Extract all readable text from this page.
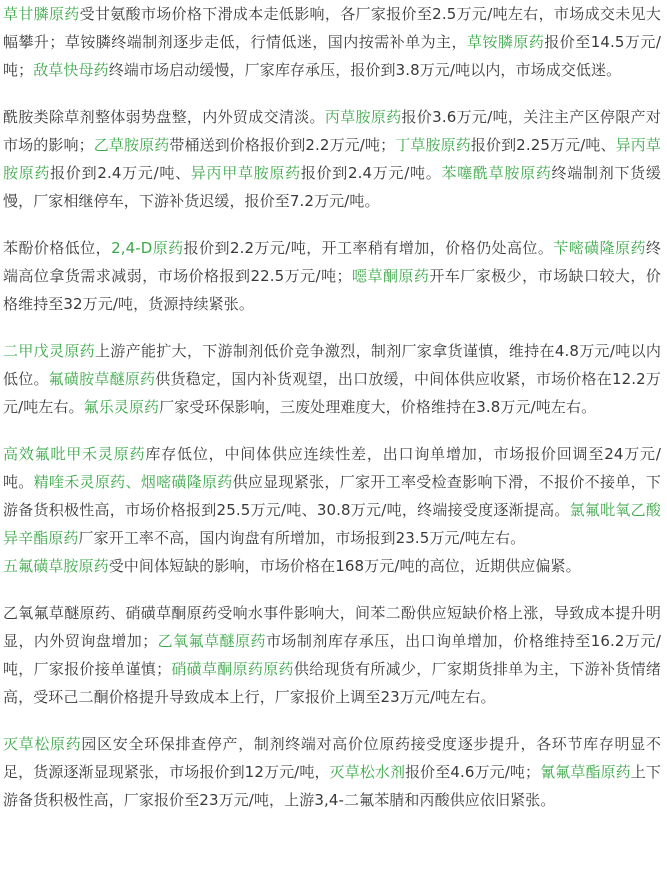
草甘膦原药受甘氨酸市场价格下滑成本走低影响，各厂家报价至2.5万元/吨左右，市场成交未见大幅攀升；草铵膦终端制剂逐步走低，行情低迷，国内按需补单为主，草铵膦原药报价至14.5万元/吨；敌草快母药终端市场启动缓慢，厂家库存承压，报价到3.8万元/吨以内，市场成交低迷。

酰胺类除草剂整体弱势盘整，内外贸成交清淡。丙草胺原药报价3.6万元/吨，关注主产区停限产对市场的影响；乙草胺原药带桶送到价格报价到2.2万元/吨；丁草胺原药报价到2.25万元/吨、异丙草胺原药报价到2.4万元/吨、异丙甲草胺原药报价到2.4万元/吨。苯噻酰草胺原药终端制剂下货缓慢，厂家相继停车，下游补货迟缓，报价至7.2万元/吨。

苯酚价格低位，2,4-D原药报价到2.2万元/吨，开工率稍有增加，价格仍处高位。苄嘧磺隆原药终端高位拿货需求减弱，市场价格报到22.5万元/吨；噁草酮原药开车厂家极少，市场缺口较大，价格维持至32万元/吨，货源持续紧张。

二甲戊灵原药上游产能扩大，下游制剂低价竞争激烈，制剂厂家拿货谨慎，维持在4.8万元/吨以内低位。氟磺胺草醚原药供货稳定，国内补货观望，出口放缓，中间体供应收紧，市场价格在12.2万元/吨左右。氟乐灵原药厂家受环保影响，三废处理难度大，价格维持在3.8万元/吨左右。

高效氟吡甲禾灵原药库存低位，中间体供应连续性差，出口询单增加，市场报价回调至24万元/吨。精喹禾灵原药、烟嘧磺隆原药供应显现紧张，厂家开工率受检查影响下滑，不报价不接单，下游备货积极性高，市场价格报到25.5万元/吨、30.8万元/吨，终端接受度逐渐提高。氯氟吡氧乙酸异辛酯原药厂家开工率不高，国内询盘有所增加，市场报到23.5万元/吨左右。
五氟磺草胺原药受中间体短缺的影响，市场价格在168万元/吨的高位，近期供应偏紧。

乙氧氟草醚原药、硝磺草酮原药受响水事件影响大，间苯二酚供应短缺价格上涨，导致成本提升明显，内外贸询盘增加；乙氧氟草醚原药市场制剂库存承压，出口询单增加，价格维持至16.2万元/吨，厂家报价接单谨慎；硝磺草酮原药原药供给现货有所减少，厂家期货排单为主，下游补货情绪高，受环己二酮价格提升导致成本上行，厂家报价上调至23万元/吨左右。

灭草松原药园区安全环保排查停产，制剂终端对高价位原药接受度逐步提升，各环节库存明显不足，货源逐渐显现紧张，市场报价到12万元/吨，灭草松水剂报价至4.6万元/吨；氰氟草酯原药上下游备货积极性高，厂家报价至23万元/吨，上游3,4-二氟苯腈和丙酸供应依旧紧张。
